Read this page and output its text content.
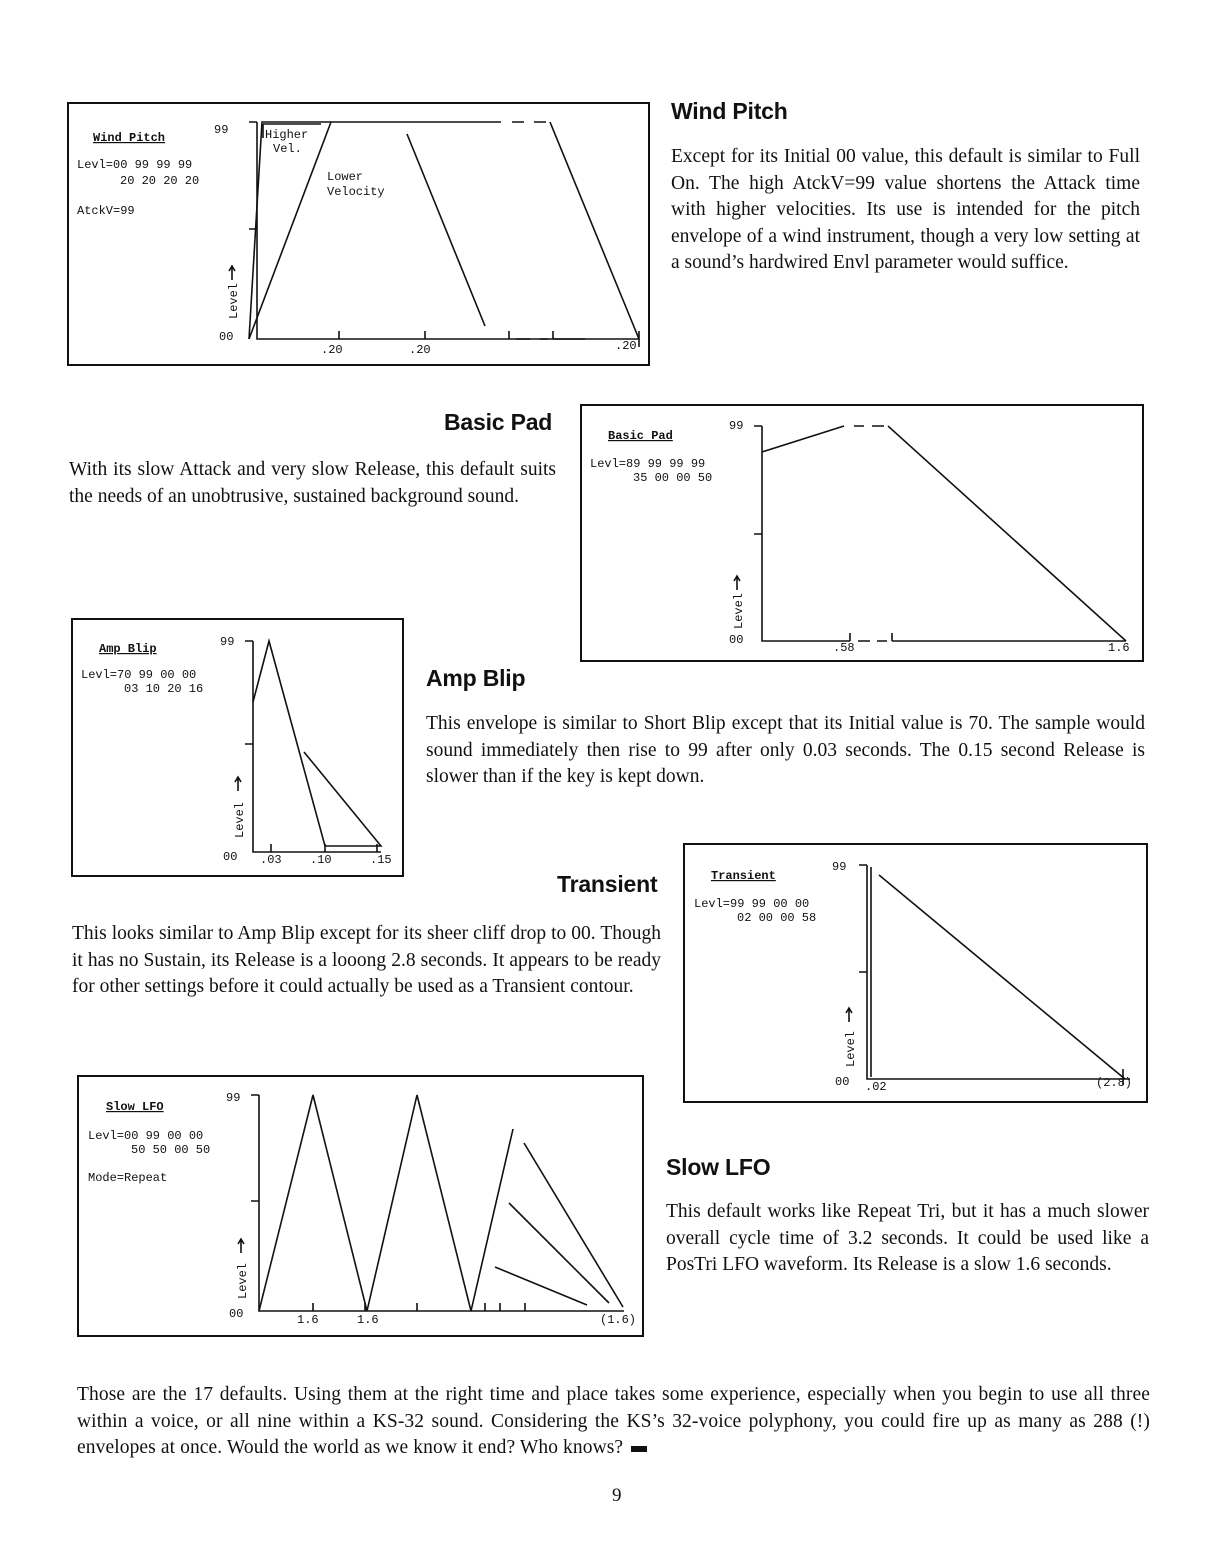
Wind Pitch
Levl=00 99 99 99
20 20 20 20
AtckV=99
99
00
Level
Higher
Vel.
Lower
Velocity
.20	.20	.20
Wind Pitch

Except for its Initial 00 value, this default is similar to Full On. The high AtckV=99 value shortens the Attack time with higher velocities. Its use is intended for the pitch envelope of a wind instrument, though a very low setting at a sound’s hardwired Envl parameter would suffice.

Basic Pad

With its slow Attack and very slow Release, this default suits the needs of an unobtrusive, sustained background sound.

Basic Pad
Levl=89 99 99 99
35 00 00 50
99
00
Level
.58	1.6
Amp Blip
Levl=70 99 00 00
03 10 20 16
99
00
Level
.03 .10	.15
Amp Blip

This envelope is similar to Short Blip except that its Initial value is 70. The sample would sound immediately then rise to 99 after only 0.03 seconds. The 0.15 second Release is slower than if the key is kept down.

Transient

This looks similar to Amp Blip except for its sheer cliff drop to 00. Though it has no Sustain, its Release is a looong 2.8 seconds. It appears to be ready for other settings before it could actually be used as a Transient contour.

Transient
Levl=99 99 00 00
02 00 00 58
99
00
Level
.02	(2.8)
Slow LFO
Levl=00 99 00 00
50 50 00 50
Mode=Repeat
99
00
Level
1.6	1.6	(1.6)
Slow LFO

This default works like Repeat Tri, but it has a much slower overall cycle time of 3.2 seconds. It could be used like a PosTri LFO waveform. Its Release is a slow 1.6 seconds.

Those are the 17 defaults. Using them at the right time and place takes some experience, especially when you begin to use all three within a voice, or all nine within a KS-32 sound. Considering the KS’s 32-voice polyphony, you could fire up as many as 288 (!) envelopes at once. Would the world as we know it end? Who knows?

9
